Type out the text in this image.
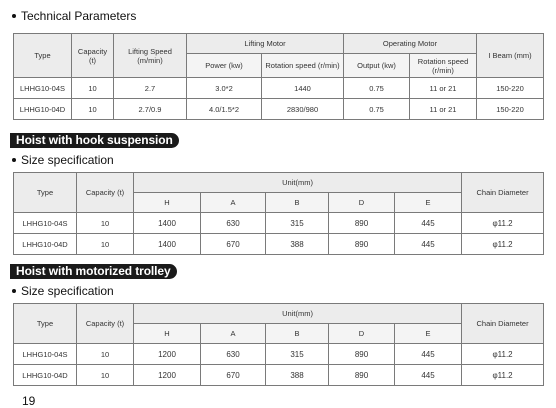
Technical Parameters
Type	Capacity (t)	Lifting Speed (m/min)	Lifting Motor		Operating Motor		I Beam (mm)
			Power (kw)	Rotation speed (r/min)	Output (kw)	Rotation speed (r/min)	
LHHG10-04S	10	2.7	3.0*2	1440	0.75	11 or 21	150-220
LHHG10-04D	10	2.7/0.9	4.0/1.5*2	2830/980	0.75	11 or 21	150-220
Hoist with hook suspension
Size specification
Type	Capacity (t)	Unit(mm)					Chain Diameter
		H	A	B	D	E	
LHHG10-04S	10	1400	630	315	890	445	φ11.2
LHHG10-04D	10	1400	670	388	890	445	φ11.2
Hoist with motorized trolley
Size specification
Type	Capacity (t)	Unit(mm)					Chain Diameter
		H	A	B	D	E	
LHHG10-04S	10	1200	630	315	890	445	φ11.2
LHHG10-04D	10	1200	670	388	890	445	φ11.2
19
